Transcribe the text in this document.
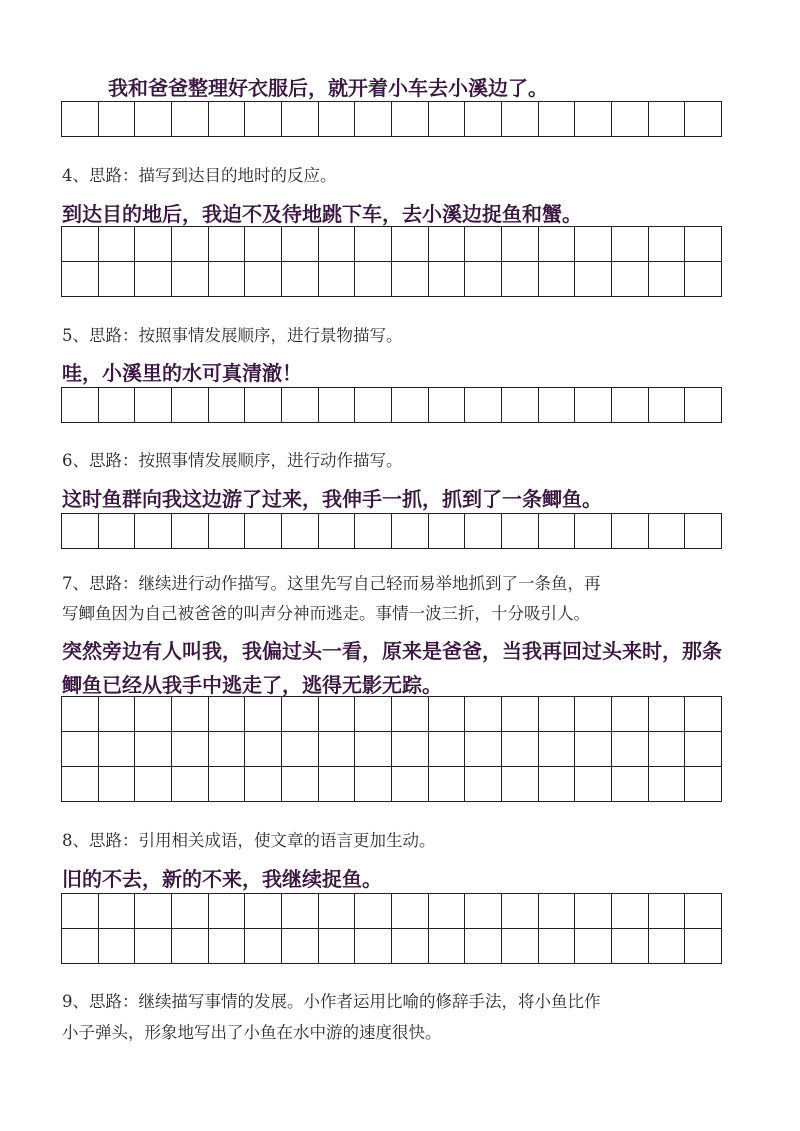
我和爸爸整理好衣服后，就开着小车去小溪边了。

4、思路：描写到达目的地时的反应。

到达目的地后，我迫不及待地跳下车，去小溪边捉鱼和蟹。

5、思路：按照事情发展顺序，进行景物描写。

哇，小溪里的水可真清澈！

6、思路：按照事情发展顺序，进行动作描写。

这时鱼群向我这边游了过来，我伸手一抓，抓到了一条鲫鱼。

7、思路：继续进行动作描写。这里先写自己轻而易举地抓到了一条鱼，再

写鲫鱼因为自己被爸爸的叫声分神而逃走。事情一波三折，十分吸引人。

突然旁边有人叫我，我偏过头一看，原来是爸爸，当我再回过头来时，那条

鲫鱼已经从我手中逃走了，逃得无影无踪。

8、思路：引用相关成语，使文章的语言更加生动。

旧的不去，新的不来，我继续捉鱼。

9、思路：继续描写事情的发展。小作者运用比喻的修辞手法，将小鱼比作

小子弹头，形象地写出了小鱼在水中游的速度很快。
